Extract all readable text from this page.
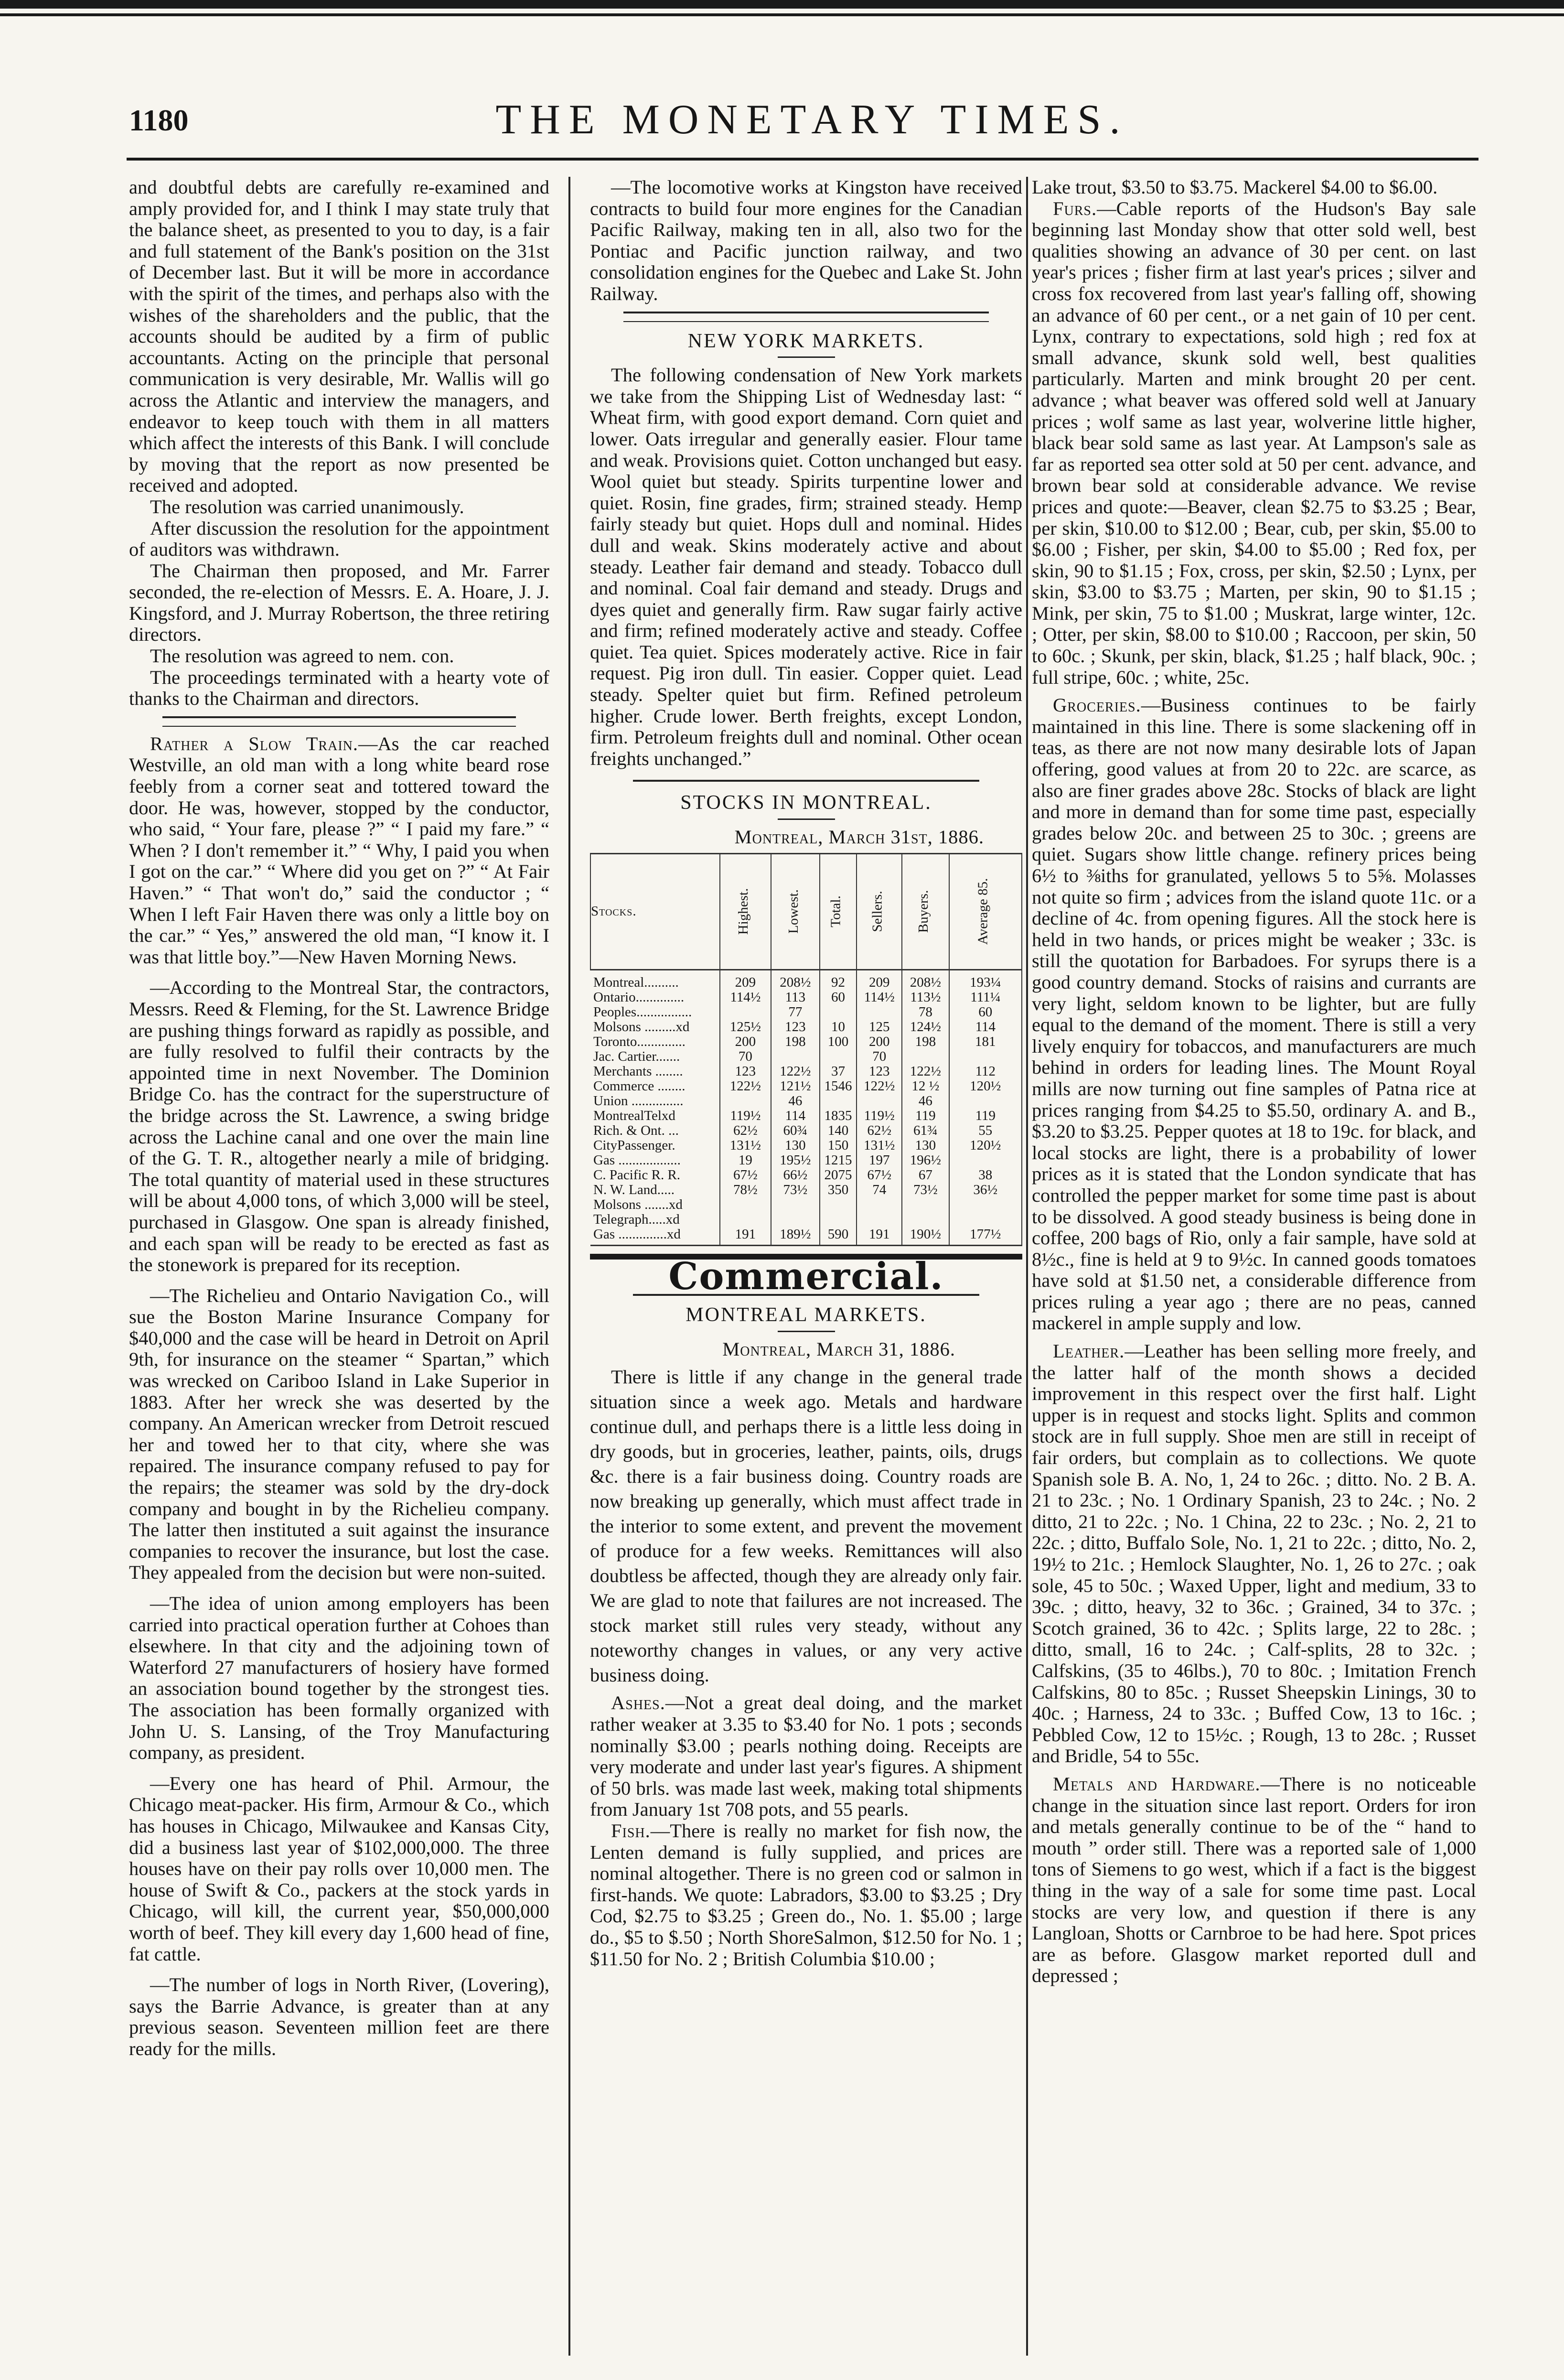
1180	THE MONETARY TIMES.

and doubtful debts are carefully re-examined and amply provided for, and I think I may state truly that the balance sheet, as presented to you to day, is a fair and full statement of the Bank's position on the 31st of December last. But it will be more in accordance with the spirit of the times, and perhaps also with the wishes of the shareholders and the public, that the accounts should be audited by a firm of public accountants. Acting on the principle that personal communication is very desirable, Mr. Wallis will go across the Atlantic and interview the managers, and endeavor to keep touch with them in all matters which affect the interests of this Bank. I will conclude by moving that the report as now presented be received and adopted.

The resolution was carried unanimously.

After discussion the resolution for the appointment of auditors was withdrawn.

The Chairman then proposed, and Mr. Farrer seconded, the re-election of Messrs. E. A. Hoare, J. J. Kingsford, and J. Murray Robertson, the three retiring directors.

The resolution was agreed to nem. con.

The proceedings terminated with a hearty vote of thanks to the Chairman and directors.

Rather a Slow Train.—As the car reached Westville, an old man with a long white beard rose feebly from a corner seat and tottered toward the door. He was, however, stopped by the conductor, who said, “ Your fare, please ?” “ I paid my fare.” “ When ? I don't remember it.” “ Why, I paid you when I got on the car.” “ Where did you get on ?” “ At Fair Haven.” “ That won't do,” said the conductor ; “ When I left Fair Haven there was only a little boy on the car.” “ Yes,” answered the old man, “I know it. I was that little boy.”—New Haven Morning News.

—According to the Montreal Star, the contractors, Messrs. Reed & Fleming, for the St. Lawrence Bridge are pushing things forward as rapidly as possible, and are fully resolved to fulfil their contracts by the appointed time in next November. The Dominion Bridge Co. has the contract for the superstructure of the bridge across the St. Lawrence, a swing bridge across the Lachine canal and one over the main line of the G. T. R., altogether nearly a mile of bridging. The total quantity of material used in these structures will be about 4,000 tons, of which 3,000 will be steel, purchased in Glasgow. One span is already finished, and each span will be ready to be erected as fast as the stonework is prepared for its reception.

—The Richelieu and Ontario Navigation Co., will sue the Boston Marine Insurance Company for $40,000 and the case will be heard in Detroit on April 9th, for insurance on the steamer “ Spartan,” which was wrecked on Cariboo Island in Lake Superior in 1883. After her wreck she was deserted by the company. An American wrecker from Detroit rescued her and towed her to that city, where she was repaired. The insurance company refused to pay for the repairs; the steamer was sold by the dry-dock company and bought in by the Richelieu company. The latter then instituted a suit against the insurance companies to recover the insurance, but lost the case. They appealed from the decision but were non-suited.

—The idea of union among employers has been carried into practical operation further at Cohoes than elsewhere. In that city and the adjoining town of Waterford 27 manufacturers of hosiery have formed an association bound together by the strongest ties. The association has been formally organized with John U. S. Lansing, of the Troy Manufacturing company, as president.

—Every one has heard of Phil. Armour, the Chicago meat-packer. His firm, Armour & Co., which has houses in Chicago, Milwaukee and Kansas City, did a business last year of $102,000,000. The three houses have on their pay rolls over 10,000 men. The house of Swift & Co., packers at the stock yards in Chicago, will kill, the current year, $50,000,000 worth of beef. They kill every day 1,600 head of fine, fat cattle.

—The number of logs in North River, (Lovering), says the Barrie Advance, is greater than at any previous season. Seventeen million feet are there ready for the mills.

—The locomotive works at Kingston have received contracts to build four more engines for the Canadian Pacific Railway, making ten in all, also two for the Pontiac and Pacific junction railway, and two consolidation engines for the Quebec and Lake St. John Railway.

NEW YORK MARKETS.

The following condensation of New York markets we take from the Shipping List of Wednesday last: “ Wheat firm, with good export demand. Corn quiet and lower. Oats irregular and generally easier. Flour tame and weak. Provisions quiet. Cotton unchanged but easy. Wool quiet but steady. Spirits turpentine lower and quiet. Rosin, fine grades, firm; strained steady. Hemp fairly steady but quiet. Hops dull and nominal. Hides dull and weak. Skins moderately active and about steady. Leather fair demand and steady. Tobacco dull and nominal. Coal fair demand and steady. Drugs and dyes quiet and generally firm. Raw sugar fairly active and firm; refined moderately active and steady. Coffee quiet. Tea quiet. Spices moderately active. Rice in fair request. Pig iron dull. Tin easier. Copper quiet. Lead steady. Spelter quiet but firm. Refined petroleum higher. Crude lower. Berth freights, except London, firm. Petroleum freights dull and nominal. Other ocean freights unchanged.”

STOCKS IN MONTREAL.
Montreal, March 31st, 1886.
Stocks.	Highest.	Lowest.	Total.	Sellers.	Buyers.	Average 85.
Montreal..........	209	208½	92	209	208½	193¼
Ontario..............	114½	113	60	114½	113½	111¼
Peoples................		77			78	60
Molsons .........xd	125½	123	10	125	124½	114
Toronto..............	200	198	100	200	198	181
Jac. Cartier.......	70			70		
Merchants ........	123	122½	37	123	122½	112
Commerce ........	122½	121½	1546	122½	12 ½	120½
Union ...............		46			46	
MontrealTelxd	119½	114	1835	119½	119	119
Rich. & Ont. ...	62½	60¾	140	62½	61¾	55
CityPassenger.	131½	130	150	131½	130	120½
Gas ..................	19	195½	1215	197	196½	
C. Pacific R. R.	67½	66½	2075	67½	67	38
N. W. Land.....	78½	73½	350	74	73½	36½
Molsons .......xd						
Telegraph.....xd						
Gas ..............xd	191	189½	590	191	190½	177½
Commercial.
MONTREAL MARKETS.
Montreal, March 31, 1886.

There is little if any change in the general trade situation since a week ago. Metals and hardware continue dull, and perhaps there is a little less doing in dry goods, but in groceries, leather, paints, oils, drugs &c. there is a fair business doing. Country roads are now breaking up generally, which must affect trade in the interior to some extent, and prevent the movement of produce for a few weeks. Remittances will also doubtless be affected, though they are already only fair. We are glad to note that failures are not increased. The stock market still rules very steady, without any noteworthy changes in values, or any very active business doing.

Ashes.—Not a great deal doing, and the market rather weaker at 3.35 to $3.40 for No. 1 pots ; seconds nominally $3.00 ; pearls nothing doing. Receipts are very moderate and under last year's figures. A shipment of 50 brls. was made last week, making total shipments from January 1st 708 pots, and 55 pearls.

Fish.—There is really no market for fish now, the Lenten demand is fully supplied, and prices are nominal altogether. There is no green cod or salmon in first-hands. We quote: Labradors, $3.00 to $3.25 ; Dry Cod, $2.75 to $3.25 ; Green do., No. 1. $5.00 ; large do., $5 to $.50 ; North ShoreSalmon, $12.50 for No. 1 ; $11.50 for No. 2 ; British Columbia $10.00 ;

Lake trout, $3.50 to $3.75. Mackerel $4.00 to $6.00.

Furs.—Cable reports of the Hudson's Bay sale beginning last Monday show that otter sold well, best qualities showing an advance of 30 per cent. on last year's prices ; fisher firm at last year's prices ; silver and cross fox recovered from last year's falling off, showing an advance of 60 per cent., or a net gain of 10 per cent. Lynx, contrary to expectations, sold high ; red fox at small advance, skunk sold well, best qualities particularly. Marten and mink brought 20 per cent. advance ; what beaver was offered sold well at January prices ; wolf same as last year, wolverine little higher, black bear sold same as last year. At Lampson's sale as far as reported sea otter sold at 50 per cent. advance, and brown bear sold at considerable advance. We revise prices and quote:—Beaver, clean $2.75 to $3.25 ; Bear, per skin, $10.00 to $12.00 ; Bear, cub, per skin, $5.00 to $6.00 ; Fisher, per skin, $4.00 to $5.00 ; Red fox, per skin, 90 to $1.15 ; Fox, cross, per skin, $2.50 ; Lynx, per skin, $3.00 to $3.75 ; Marten, per skin, 90 to $1.15 ; Mink, per skin, 75 to $1.00 ; Muskrat, large winter, 12c. ; Otter, per skin, $8.00 to $10.00 ; Raccoon, per skin, 50 to 60c. ; Skunk, per skin, black, $1.25 ; half black, 90c. ; full stripe, 60c. ; white, 25c.

Groceries.—Business continues to be fairly maintained in this line. There is some slackening off in teas, as there are not now many desirable lots of Japan offering, good values at from 20 to 22c. are scarce, as also are finer grades above 28c. Stocks of black are light and more in demand than for some time past, especially grades below 20c. and between 25 to 30c. ; greens are quiet. Sugars show little change. refinery prices being 6½ to ⅜iths for granulated, yellows 5 to 5⅝. Molasses not quite so firm ; advices from the island quote 11c. or a decline of 4c. from opening figures. All the stock here is held in two hands, or prices might be weaker ; 33c. is still the quotation for Barbadoes. For syrups there is a good country demand. Stocks of raisins and currants are very light, seldom known to be lighter, but are fully equal to the demand of the moment. There is still a very lively enquiry for tobaccos, and manufacturers are much behind in orders for leading lines. The Mount Royal mills are now turning out fine samples of Patna rice at prices ranging from $4.25 to $5.50, ordinary A. and B., $3.20 to $3.25. Pepper quotes at 18 to 19c. for black, and local stocks are light, there is a probability of lower prices as it is stated that the London syndicate that has controlled the pepper market for some time past is about to be dissolved. A good steady business is being done in coffee, 200 bags of Rio, only a fair sample, have sold at 8½c., fine is held at 9 to 9½c. In canned goods tomatoes have sold at $1.50 net, a considerable difference from prices ruling a year ago ; there are no peas, canned mackerel in ample supply and low.

Leather.—Leather has been selling more freely, and the latter half of the month shows a decided improvement in this respect over the first half. Light upper is in request and stocks light. Splits and common stock are in full supply. Shoe men are still in receipt of fair orders, but complain as to collections. We quote Spanish sole B. A. No, 1, 24 to 26c. ; ditto. No. 2 B. A. 21 to 23c. ; No. 1 Ordinary Spanish, 23 to 24c. ; No. 2 ditto, 21 to 22c. ; No. 1 China, 22 to 23c. ; No. 2, 21 to 22c. ; ditto, Buffalo Sole, No. 1, 21 to 22c. ; ditto, No. 2, 19½ to 21c. ; Hemlock Slaughter, No. 1, 26 to 27c. ; oak sole, 45 to 50c. ; Waxed Upper, light and medium, 33 to 39c. ; ditto, heavy, 32 to 36c. ; Grained, 34 to 37c. ; Scotch grained, 36 to 42c. ; Splits large, 22 to 28c. ; ditto, small, 16 to 24c. ; Calf-splits, 28 to 32c. ; Calfskins, (35 to 46lbs.), 70 to 80c. ; Imitation French Calfskins, 80 to 85c. ; Russet Sheepskin Linings, 30 to 40c. ; Harness, 24 to 33c. ; Buffed Cow, 13 to 16c. ; Pebbled Cow, 12 to 15½c. ; Rough, 13 to 28c. ; Russet and Bridle, 54 to 55c.

Metals and Hardware.—There is no noticeable change in the situation since last report. Orders for iron and metals generally continue to be of the “ hand to mouth ” order still. There was a reported sale of 1,000 tons of Siemens to go west, which if a fact is the biggest thing in the way of a sale for some time past. Local stocks are very low, and question if there is any Langloan, Shotts or Carnbroe to be had here. Spot prices are as before. Glasgow market reported dull and depressed ;
